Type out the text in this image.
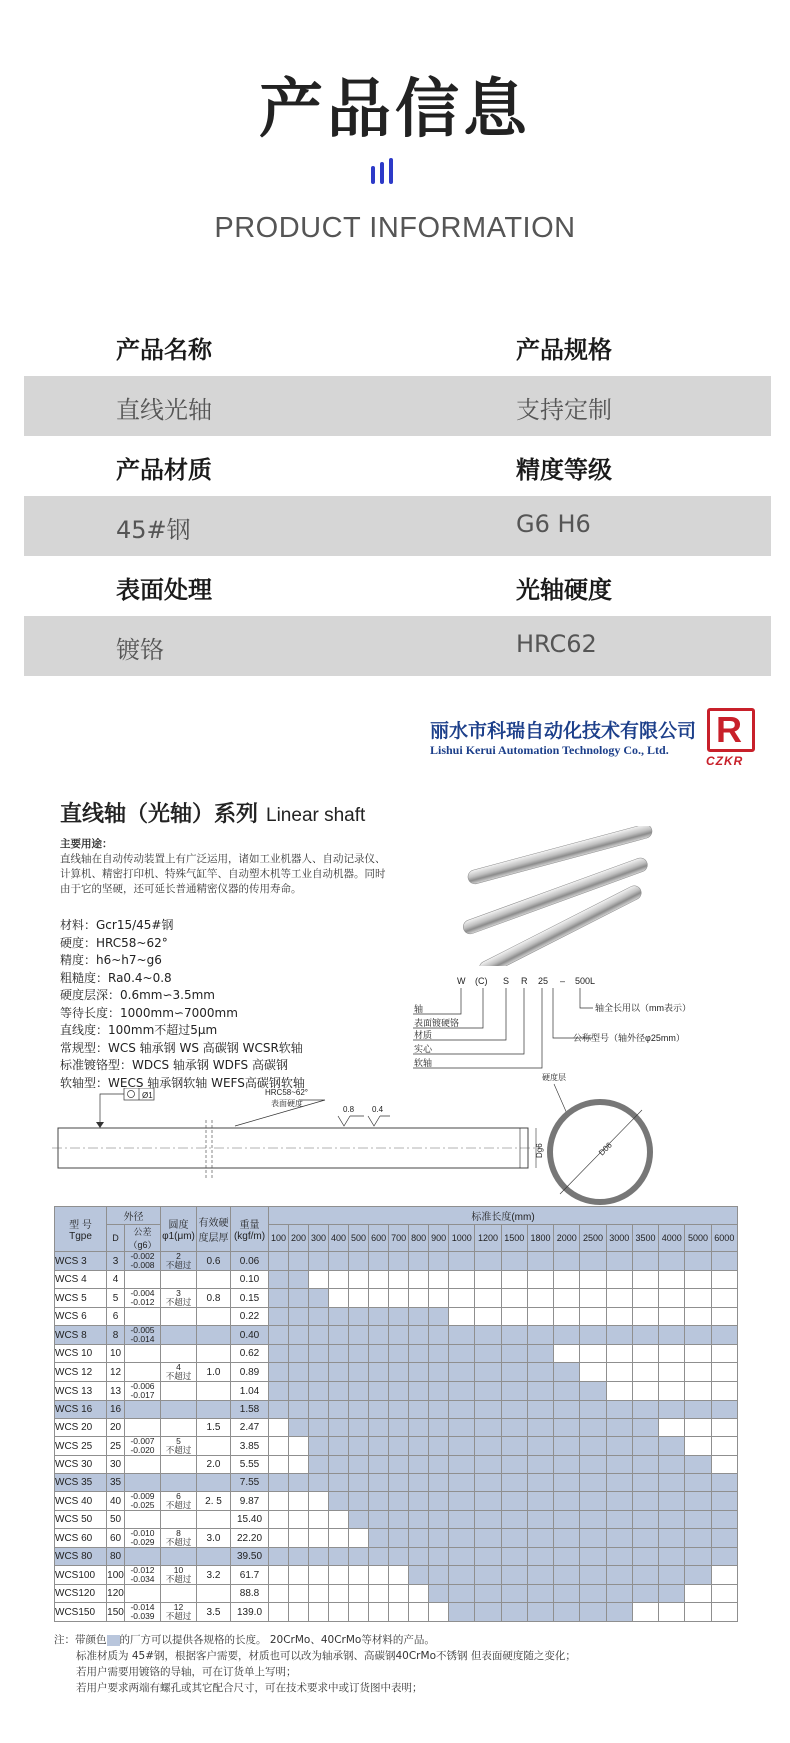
产品信息
PRODUCT INFORMATION
产品名称	产品规格
直线光轴	支持定制
产品材质	精度等级
45#钢	G6 H6
表面处理	光轴硬度
镀铬	HRC62
丽水市科瑞自动化技术有限公司
Lishui Kerui Automation Technology Co., Ltd. R
CZKR
直线轴（光轴）系列 Linear shaft
主要用途：
直线轴在自动传动装置上有广泛运用，诸如工业机器人、自动记录仪、计算机、精密打印机、特殊气缸竿、自动塑木机等工业自动机器。同时由于它的坚硬，还可延长普通精密仪器的传用寿命。
材料：Gcr15/45#钢
硬度：HRC58~62°
精度：h6~h7~g6
粗糙度：Ra0.4~0.8
硬度层深：0.6mm∽3.5mm
等待长度：1000mm∽7000mm
直线度：100mm不超过5μm
常规型：WCS 轴承钢 WS 高碳钢 WCSR软轴
标准镀铬型：WDCS 轴承钢 WDFS 高碳钢
软轴型：WECS 轴承钢软轴 WEFS高碳钢软轴
W (C) S R 25 – 500L
轴
表面镀硬铬
材质
实心
软轴
轴全长用以（mm表示）
公称型号（轴外径φ25mm）
Ø1	HRC58~62°
表面硬度
0.8 0.4
Dg6
硬度层
D06
型 号
Tgpe	外径		圆度φ1(μm)	有效硬度层厚	重量(kgf/m)	标准长度(mm)																			
	D	公差（g6）				100	200	300	400	500	600	700	800	900	1000	1200	1500	1800	2000	2500	3000	3500	4000	5000	6000
WCS 3	3	-0.002
-0.008	2
不超过	0.6	0.06																				
WCS 4	4				0.10																				
WCS 5	5	-0.004
-0.012	3
不超过	0.8	0.15																				
WCS 6	6				0.22																				
WCS 8	8	-0.005
-0.014			0.40																				
WCS 10	10				0.62																				
WCS 12	12		4
不超过	1.0	0.89																				
WCS 13	13	-0.006
-0.017			1.04																				
WCS 16	16				1.58																				
WCS 20	20			1.5	2.47																				
WCS 25	25	-0.007
-0.020	5
不超过		3.85																				
WCS 30	30			2.0	5.55																				
WCS 35	35				7.55																				
WCS 40	40	-0.009
-0.025	6
不超过	2. 5	9.87																				
WCS 50	50				15.40																				
WCS 60	60	-0.010
-0.029	8
不超过	3.0	22.20																				
WCS 80	80				39.50																				
WCS100	100	-0.012
-0.034	10
不超过	3.2	61.7																				
WCS120	120				88.8																				
WCS150	150	-0.014
-0.039	12
不超过	3.5	139.0																				
注：带颜色 的厂方可以提供各规格的长度。 20CrMo、40CrMo等材料的产品。
标准材质为 45#钢，根据客户需要，材质也可以改为轴承钢、高碳钢40CrMo不锈钢 但表面硬度随之变化；
若用户需要用镀铬的导轴，可在订货单上写明；
若用户要求两端有螺孔或其它配合尺寸，可在技术要求中或订货图中表明；
